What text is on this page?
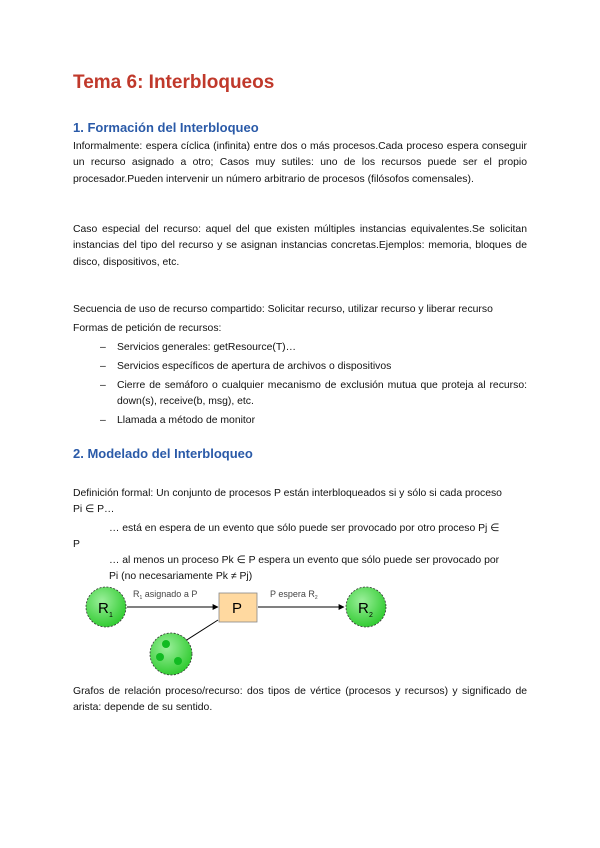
Tema 6: Interbloqueos
1. Formación del Interbloqueo
Informalmente: espera cíclica (infinita) entre dos o más procesos.Cada proceso espera conseguir un recurso asignado a otro; Casos muy sutiles: uno de los recursos puede ser el propio procesador.Pueden intervenir un número arbitrario de procesos (filósofos comensales).
Caso especial del recurso: aquel del que existen múltiples instancias equivalentes.Se solicitan instancias del tipo del recurso y se asignan instancias concretas.Ejemplos: memoria, bloques de disco, dispositivos, etc.
Secuencia de uso de recurso compartido: Solicitar recurso, utilizar recurso y liberar recurso
Formas de petición de recursos:
– Servicios generales: getResource(T)…
– Servicios específicos de apertura de archivos o dispositivos
– Cierre de semáforo o cualquier mecanismo de exclusión mutua que proteja al recurso: down(s), receive(b, msg), etc.
– Llamada a método de monitor
2. Modelado del Interbloqueo
Definición formal: Un conjunto de procesos P están interbloqueados si y sólo si cada proceso
Pi ∈ P…
… está en espera de un evento que sólo puede ser provocado por otro proceso Pj ∈
P
… al menos un proceso Pk ∈ P espera un evento que sólo puede ser provocado por
Pi (no necesariamente Pk ≠ Pj)
R 1	P	R 2
$R_1$ asignado a P	P espera $R_2$
Grafos de relación proceso/recurso: dos tipos de vértice (procesos y recursos) y significado de arista: depende de su sentido.
